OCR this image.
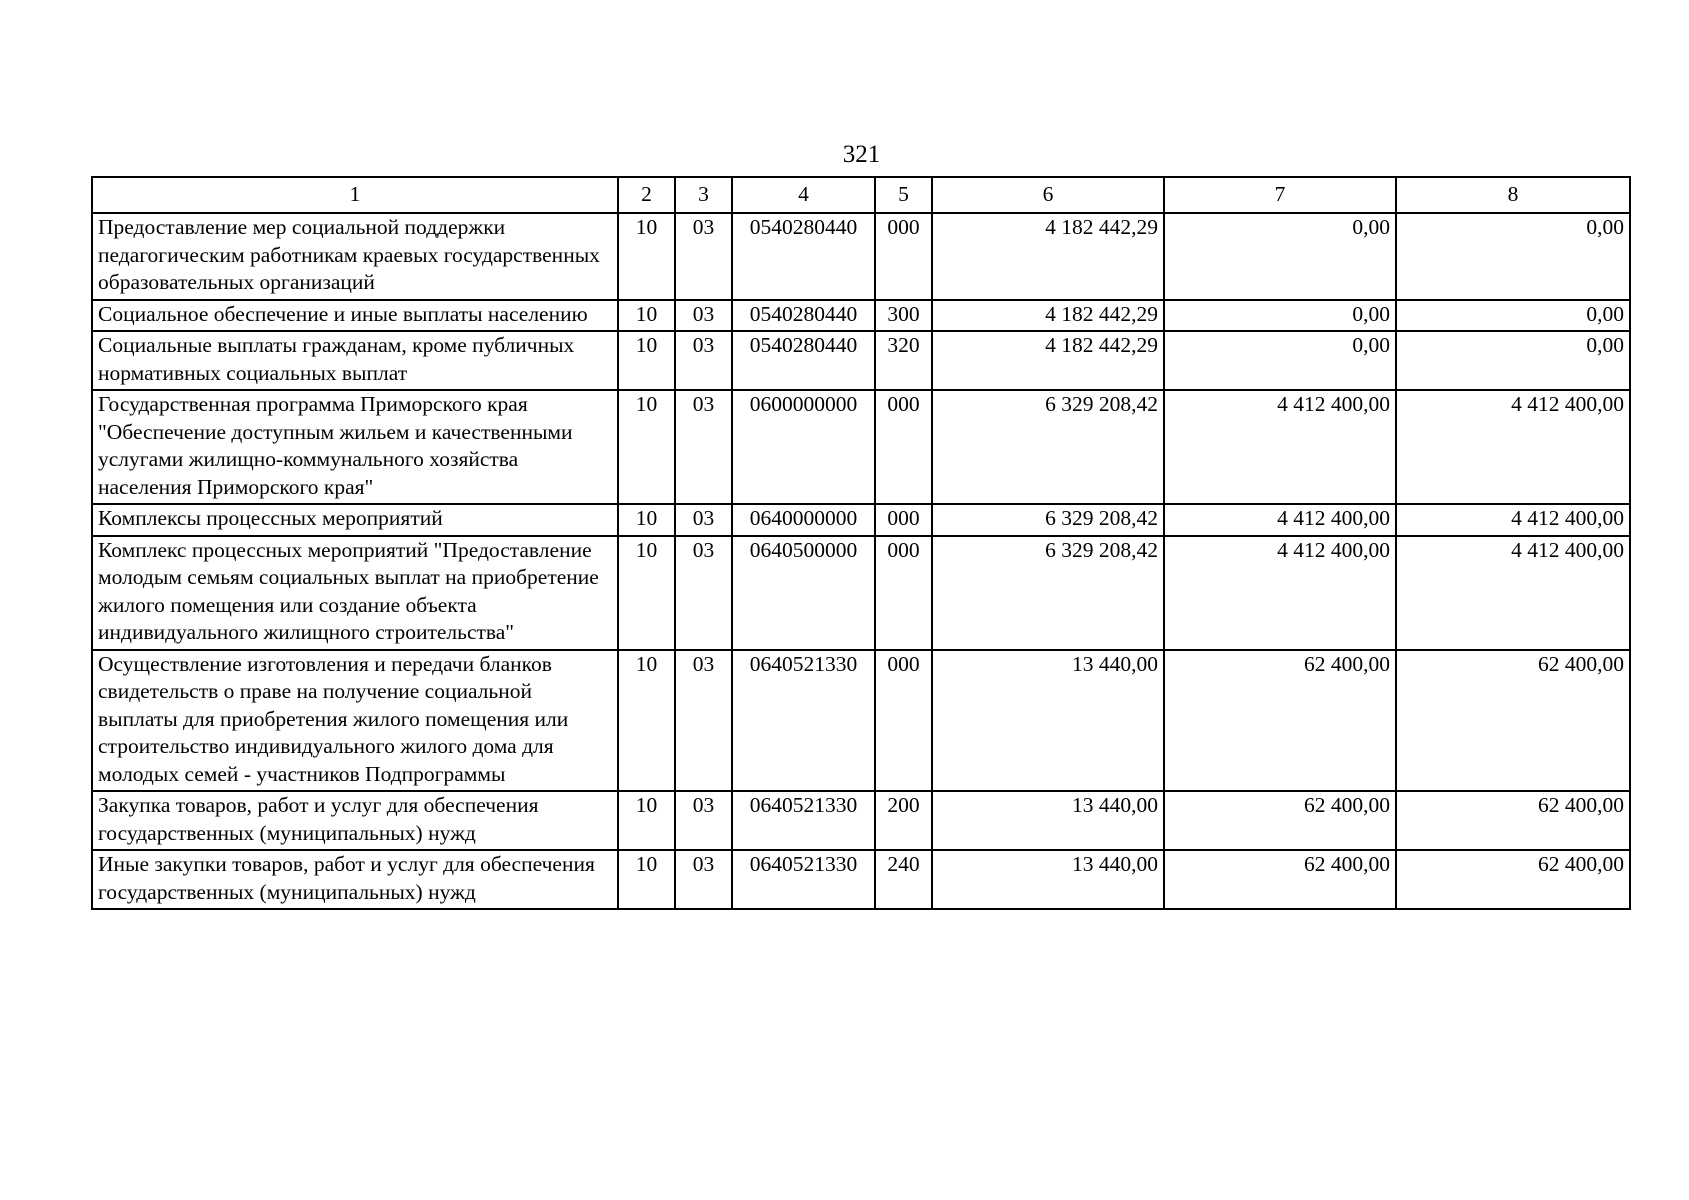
321
1	2	3	4	5	6	7	8
Предоставление мер социальной поддержки педагогическим работникам краевых государственных образовательных организаций	10	03	0540280440	000	4 182 442,29	0,00	0,00
Социальное обеспечение и иные выплаты населению	10	03	0540280440	300	4 182 442,29	0,00	0,00
Социальные выплаты гражданам, кроме публичных нормативных социальных выплат	10	03	0540280440	320	4 182 442,29	0,00	0,00
Государственная программа Приморского края "Обеспечение доступным жильем и качественными услугами жилищно-коммунального хозяйства населения Приморского края"	10	03	0600000000	000	6 329 208,42	4 412 400,00	4 412 400,00
Комплексы процессных мероприятий	10	03	0640000000	000	6 329 208,42	4 412 400,00	4 412 400,00
Комплекс процессных мероприятий "Предоставление молодым семьям социальных выплат на приобретение жилого помещения или создание объекта индивидуального жилищного строительства"	10	03	0640500000	000	6 329 208,42	4 412 400,00	4 412 400,00
Осуществление изготовления и передачи бланков свидетельств о праве на получение социальной выплаты для приобретения жилого помещения или строительство индивидуального жилого дома для молодых семей - участников Подпрограммы	10	03	0640521330	000	13 440,00	62 400,00	62 400,00
Закупка товаров, работ и услуг для обеспечения государственных (муниципальных) нужд	10	03	0640521330	200	13 440,00	62 400,00	62 400,00
Иные закупки товаров, работ и услуг для обеспечения государственных (муниципальных) нужд	10	03	0640521330	240	13 440,00	62 400,00	62 400,00
